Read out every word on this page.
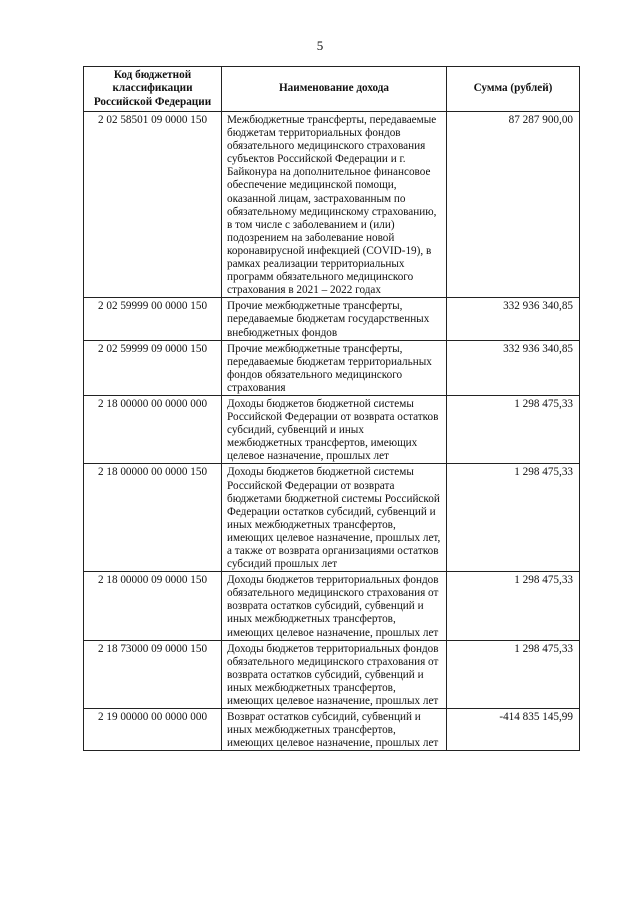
5
Код бюджетной классификации Российской Федерации	Наименование дохода	Сумма (рублей)
2 02 58501 09 0000 150	Межбюджетные трансферты, передаваемые бюджетам территориальных фондов обязательного медицинского страхования субъектов Российской Федерации и г. Байконура на дополнительное финансовое обеспечение медицинской помощи, оказанной лицам, застрахованным по обязательному медицинскому страхованию, в том числе с заболеванием и (или) подозрением на заболевание новой коронавирусной инфекцией (COVID-19), в рамках реализации территориальных программ обязательного медицинского страхования в 2021 – 2022 годах	87 287 900,00
2 02 59999 00 0000 150	Прочие межбюджетные трансферты, передаваемые бюджетам государственных внебюджетных фондов	332 936 340,85
2 02 59999 09 0000 150	Прочие межбюджетные трансферты, передаваемые бюджетам территориальных фондов обязательного медицинского страхования	332 936 340,85
2 18 00000 00 0000 000	Доходы бюджетов бюджетной системы Российской Федерации от возврата остатков субсидий, субвенций и иных межбюджетных трансфертов, имеющих целевое назначение, прошлых лет	1 298 475,33
2 18 00000 00 0000 150	Доходы бюджетов бюджетной системы Российской Федерации от возврата бюджетами бюджетной системы Российской Федерации остатков субсидий, субвенций и иных межбюджетных трансфертов, имеющих целевое назначение, прошлых лет, а также от возврата организациями остатков субсидий прошлых лет	1 298 475,33
2 18 00000 09 0000 150	Доходы бюджетов территориальных фондов обязательного медицинского страхования от возврата остатков субсидий, субвенций и иных межбюджетных трансфертов, имеющих целевое назначение, прошлых лет	1 298 475,33
2 18 73000 09 0000 150	Доходы бюджетов территориальных фондов обязательного медицинского страхования от возврата остатков субсидий, субвенций и иных межбюджетных трансфертов, имеющих целевое назначение, прошлых лет	1 298 475,33
2 19 00000 00 0000 000	Возврат остатков субсидий, субвенций и иных межбюджетных трансфертов, имеющих целевое назначение, прошлых лет	-414 835 145,99
